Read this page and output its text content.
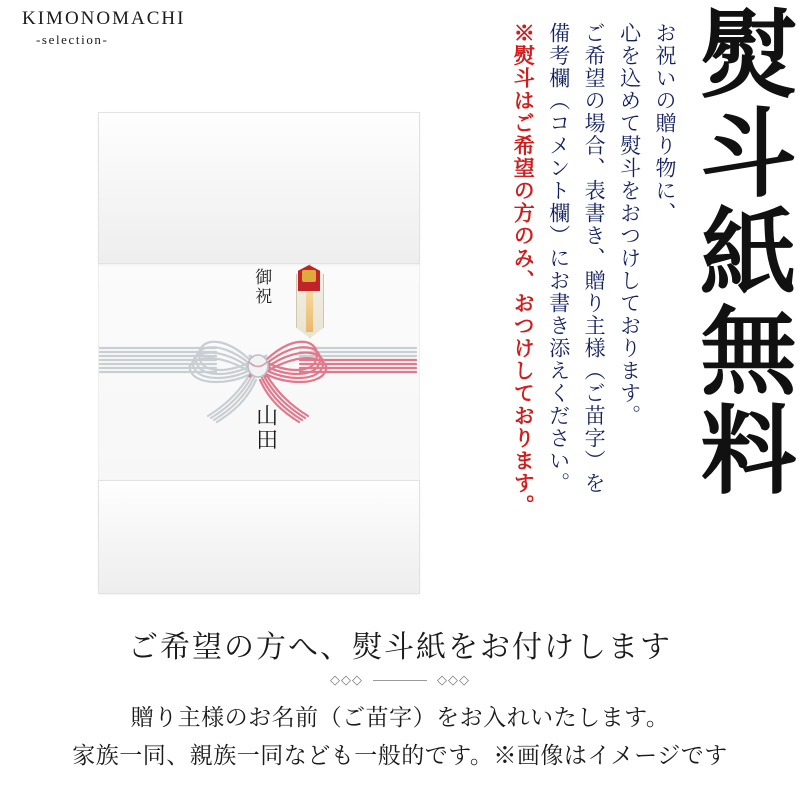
KIMONOMACHI
-selection-	熨斗紙無料
※熨斗はご希望の方のみ、おつけしております。 備考欄（コメント欄）にお書き添えください。 ご希望の場合、表書き、贈り主様（ご苗字）を 心を込めて熨斗をおつけしております。 お祝いの贈り物に、
御祝
山田
ご希望の方へ、熨斗紙をお付けします
◇◇◇	◇◇◇
贈り主様のお名前（ご苗字）をお入れいたします。
家族一同、親族一同なども一般的です。※画像はイメージです
